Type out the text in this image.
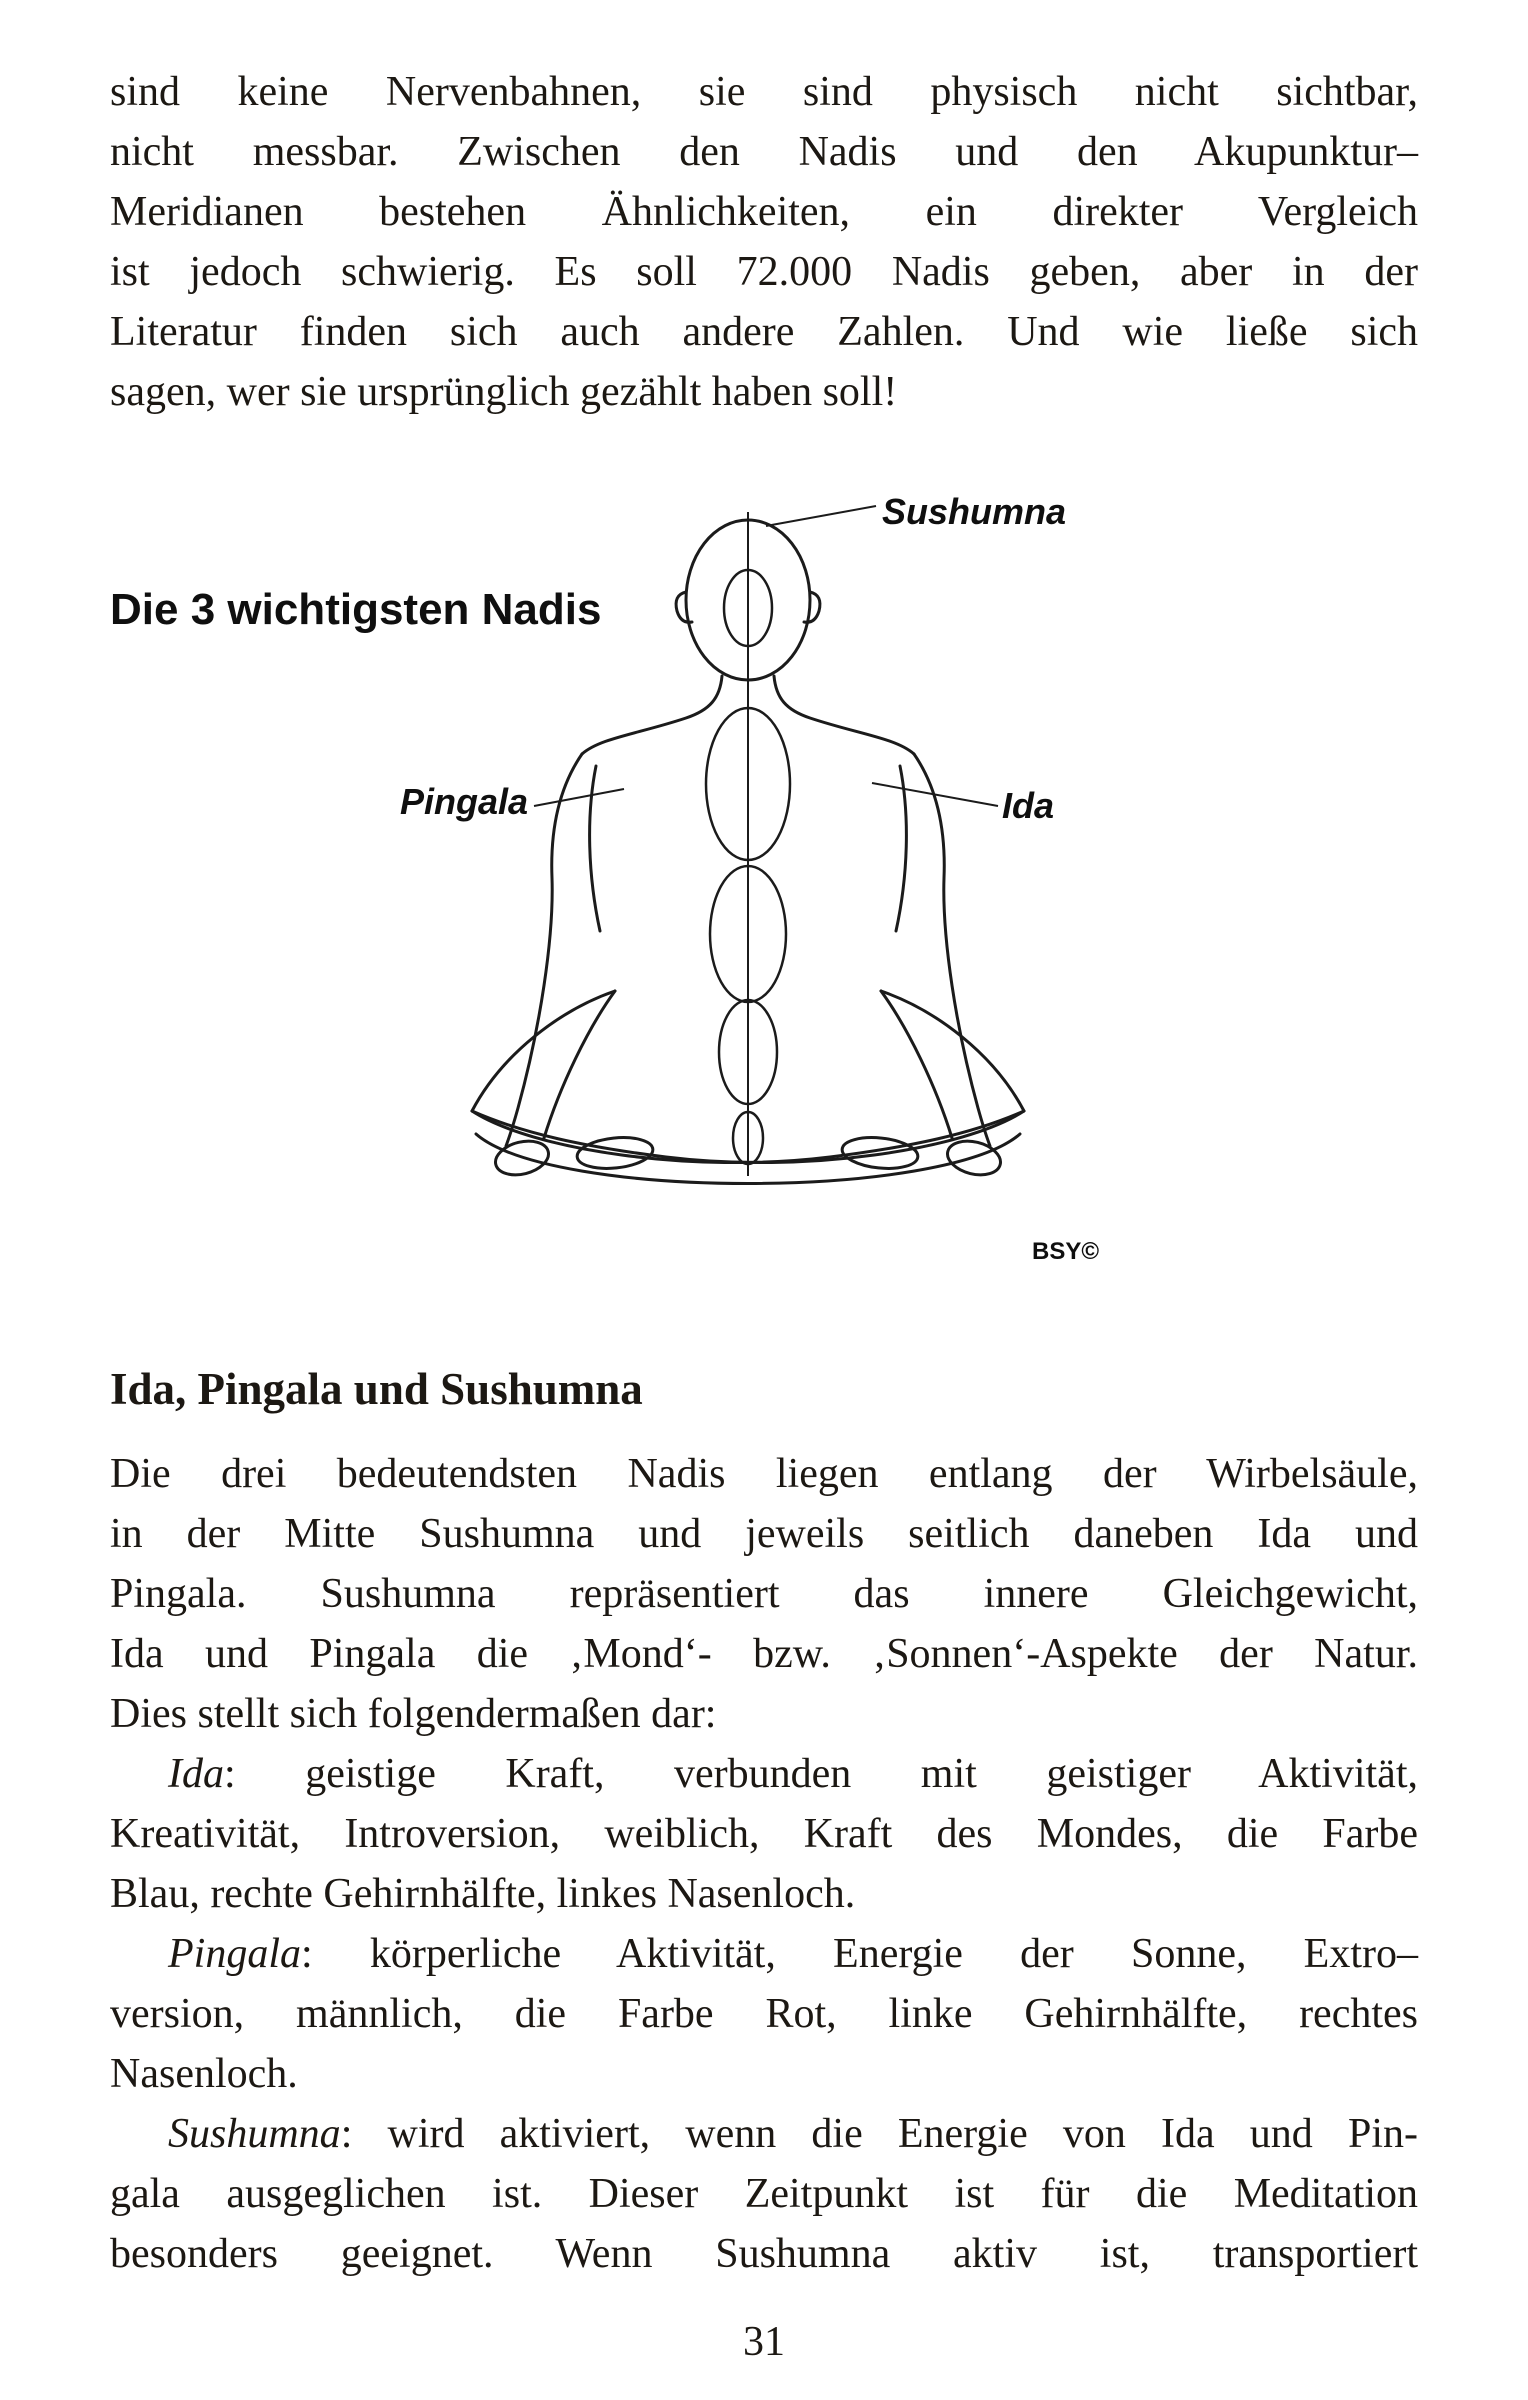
sind keine Nervenbahnen, sie sind physisch nicht sichtbar,
nicht messbar. Zwischen den Nadis und den Akupunktur–
Meridianen bestehen Ähnlichkeiten, ein direkter Vergleich
ist jedoch schwierig. Es soll 72.000 Nadis geben, aber in der
Literatur finden sich auch andere Zahlen. Und wie ließe sich
sagen, wer sie ursprünglich gezählt haben soll!
Die 3 wichtigsten Nadis
Sushumna
Pingala	Ida
BSY©
Ida, Pingala und Sushumna
Die drei bedeutendsten Nadis liegen entlang der Wirbelsäule,
in der Mitte Sushumna und jeweils seitlich daneben Ida und
Pingala. Sushumna repräsentiert das innere Gleichgewicht,
Ida und Pingala die ‚Mond‘- bzw. ‚Sonnen‘-Aspekte der Natur.
Dies stellt sich folgendermaßen dar:
Ida: geistige Kraft, verbunden mit geistiger Aktivität,
Kreativität, Introversion, weiblich, Kraft des Mondes, die Farbe
Blau, rechte Gehirnhälfte, linkes Nasenloch.
Pingala: körperliche Aktivität, Energie der Sonne, Extro–
version, männlich, die Farbe Rot, linke Gehirnhälfte, rechtes
Nasenloch.
Sushumna: wird aktiviert, wenn die Energie von Ida und Pin-
gala ausgeglichen ist. Dieser Zeitpunkt ist für die Meditation
besonders geeignet. Wenn Sushumna aktiv ist, transportiert
31
